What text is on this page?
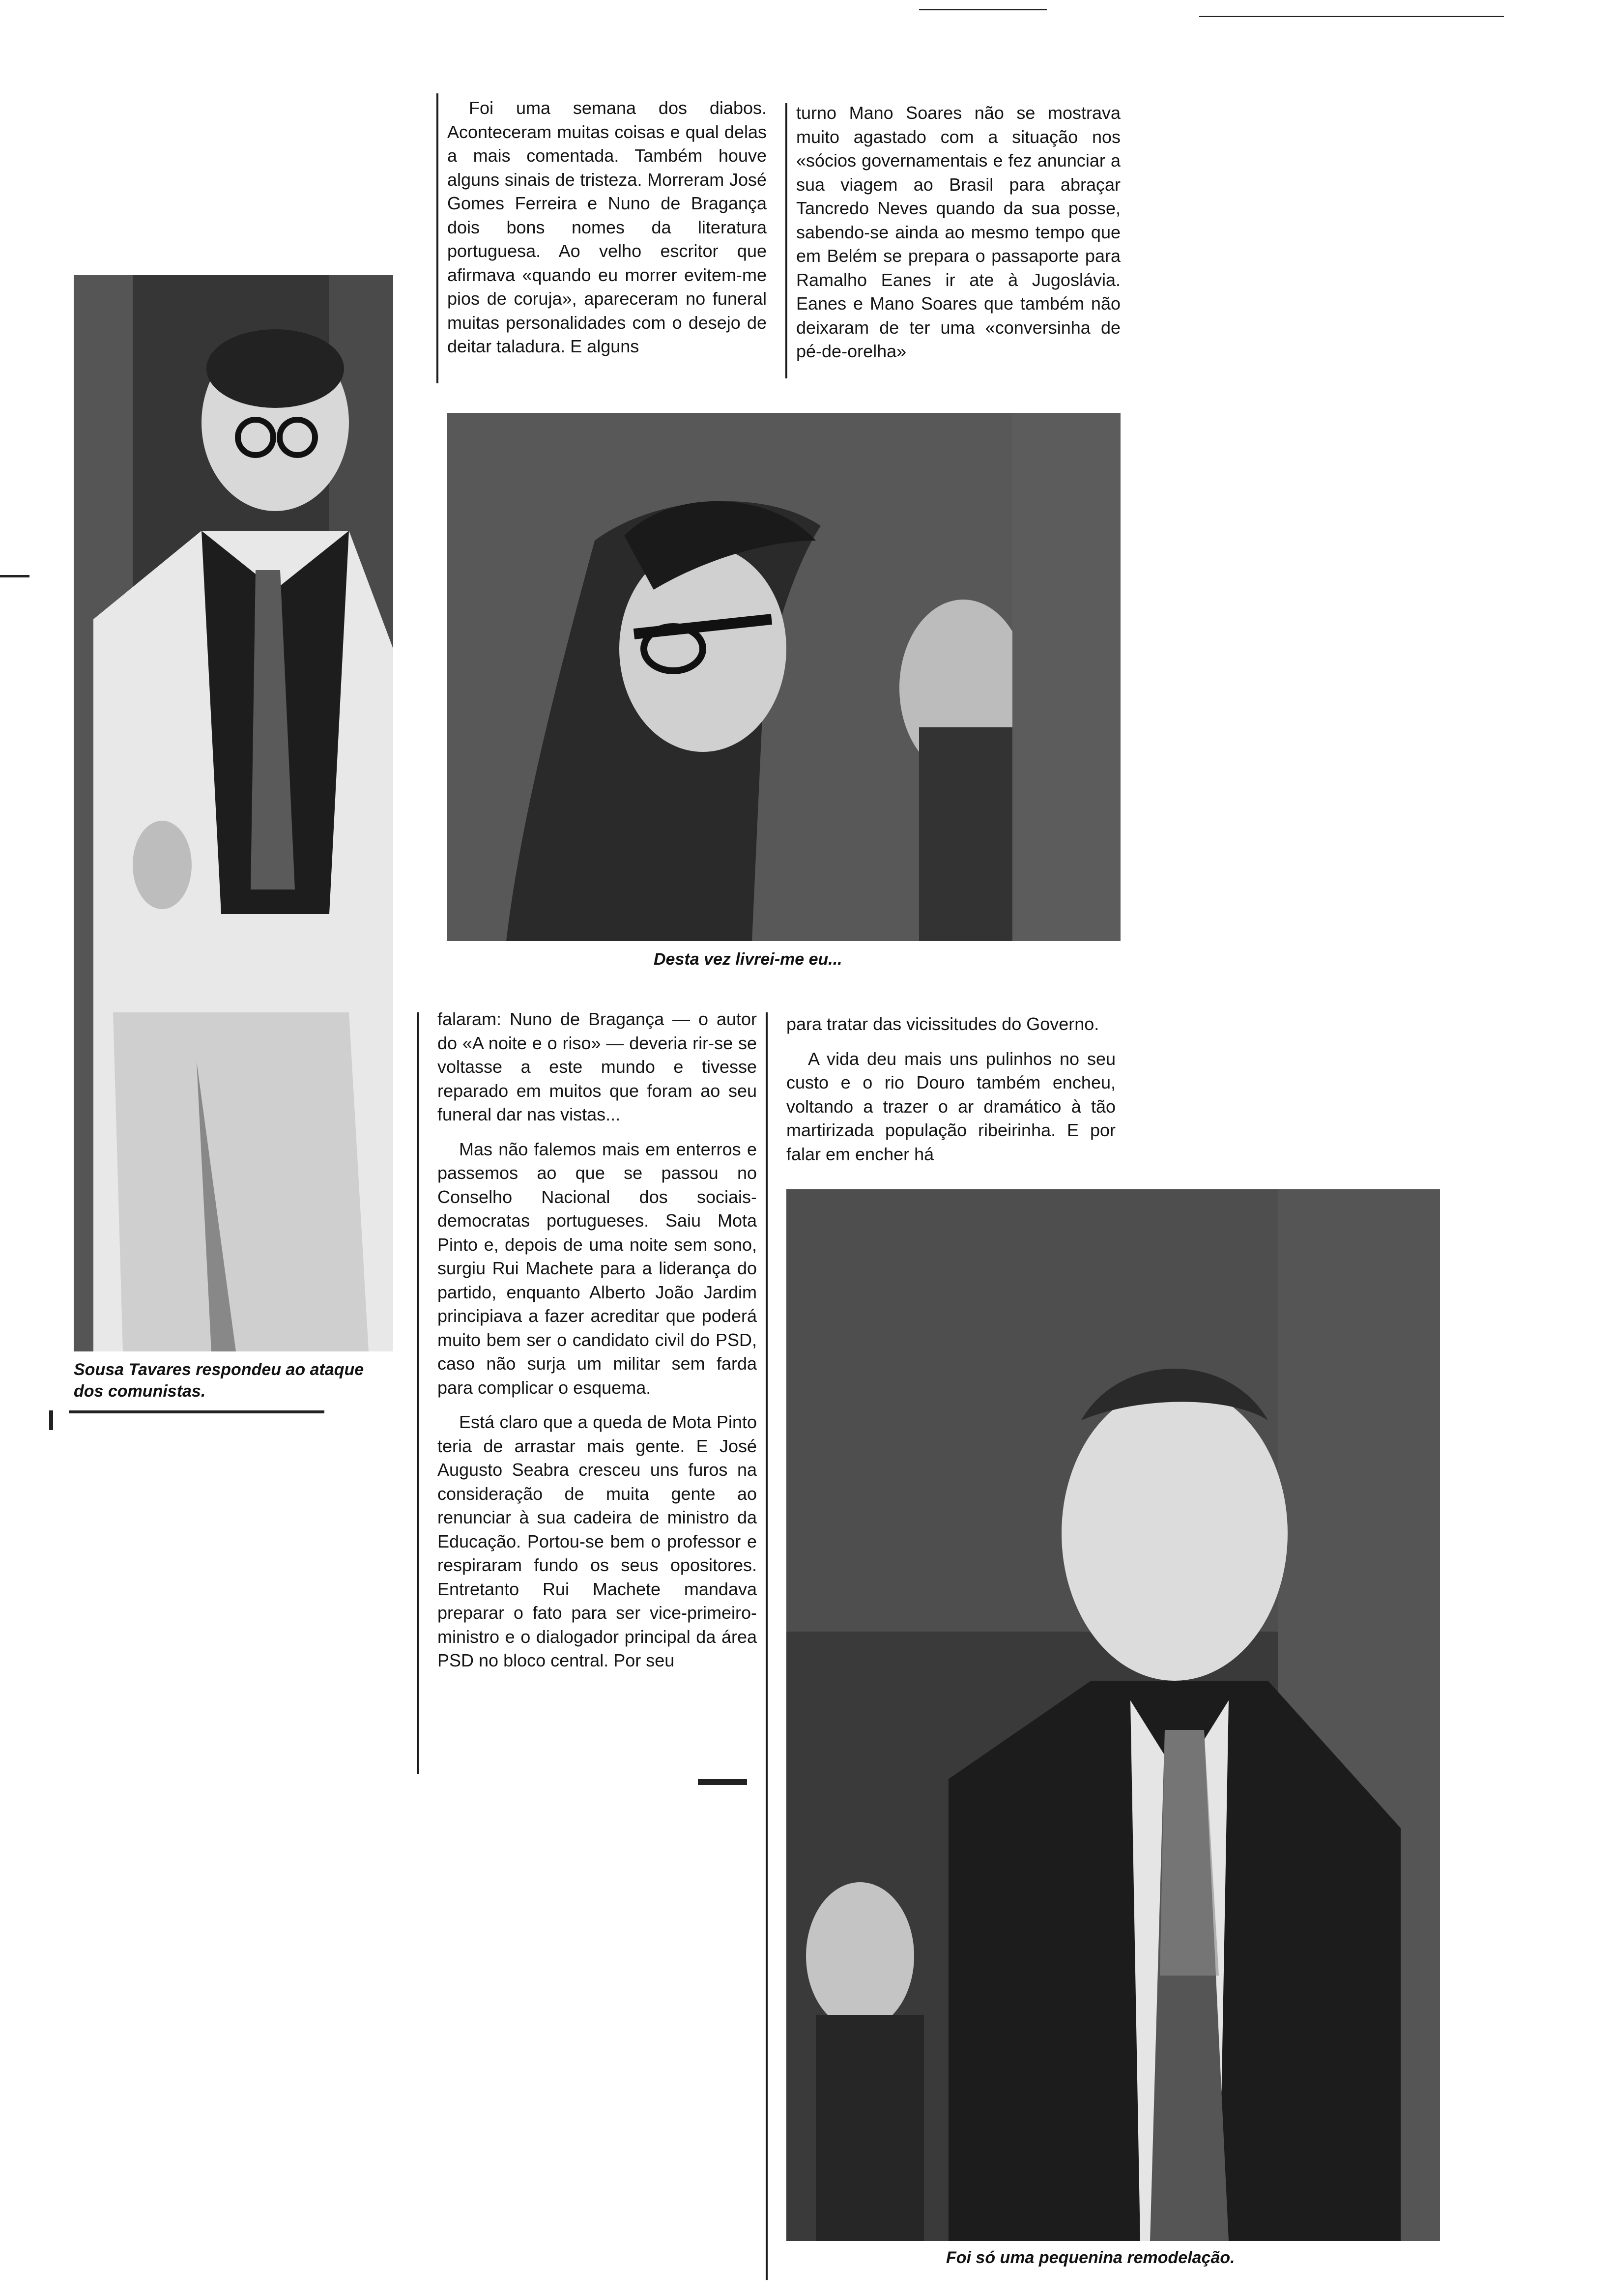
Sousa Tavares respondeu ao ataque dos comunistas.

Foi uma semana dos diabos. Aconteceram muitas coisas e qual delas a mais comentada. Também houve alguns sinais de tristeza. Morreram José Gomes Ferreira e Nuno de Bragança dois bons nomes da literatura portuguesa. Ao velho escritor que afirmava «quando eu morrer evitem-me pios de coruja», apareceram no funeral muitas personalidades com o desejo de deitar taladura. E alguns

turno Mano Soares não se mostrava muito agastado com a situação nos «sócios governamentais e fez anunciar a sua viagem ao Brasil para abraçar Tancredo Neves quando da sua posse, sabendo-se ainda ao mesmo tempo que em Belém se prepara o passaporte para Ramalho Eanes ir ate à Jugoslávia. Eanes e Mano Soares que também não deixaram de ter uma «conversinha de pé-de-orelha»

Desta vez livrei-me eu...

falaram: Nuno de Bragança — o autor do «A noite e o riso» — deveria rir-se se voltasse a este mundo e tivesse reparado em muitos que foram ao seu funeral dar nas vistas...

Mas não falemos mais em enterros e passemos ao que se passou no Conselho Nacional dos sociais-democratas portugueses. Saiu Mota Pinto e, depois de uma noite sem sono, surgiu Rui Machete para a liderança do partido, enquanto Alberto João Jardim principiava a fazer acreditar que poderá muito bem ser o candidato civil do PSD, caso não surja um militar sem farda para complicar o esquema.

Está claro que a queda de Mota Pinto teria de arrastar mais gente. E José Augusto Seabra cresceu uns furos na consideração de muita gente ao renunciar à sua cadeira de ministro da Educação. Portou-se bem o professor e respiraram fundo os seus opositores. Entretanto Rui Machete mandava preparar o fato para ser vice-primeiro-ministro e o dialogador principal da área PSD no bloco central. Por seu

para tratar das vicissitudes do Governo.

A vida deu mais uns pulinhos no seu custo e o rio Douro também encheu, voltando a trazer o ar dramático à tão martirizada população ribeirinha. E por falar em encher há

Foi só uma pequenina remodelação.
